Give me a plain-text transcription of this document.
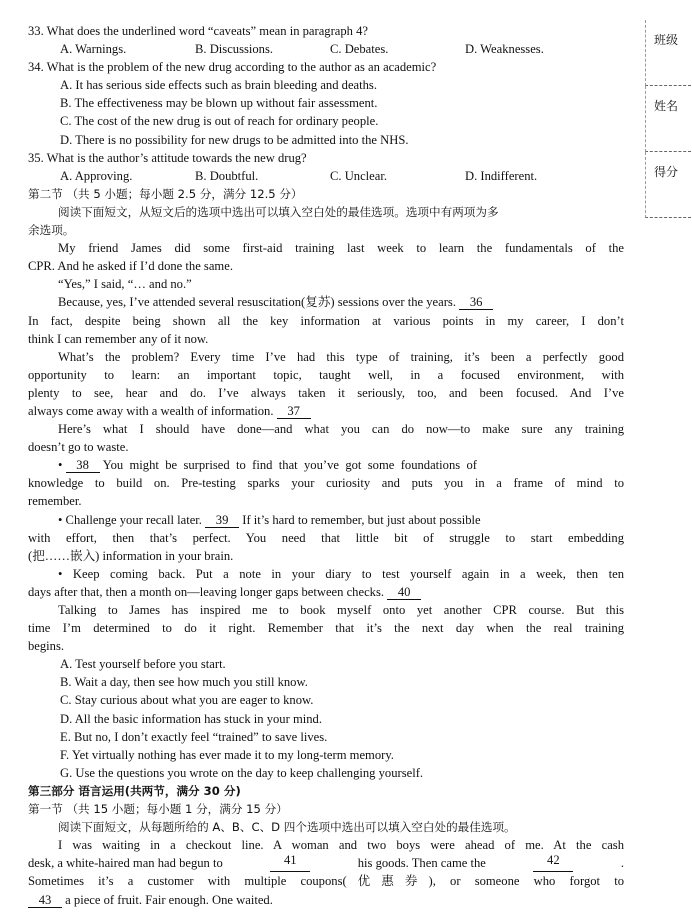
33. What does the underlined word “caveats” mean in paragraph 4?
A. Warnings.	B. Discussions.	C. Debates.	D. Weaknesses.
34. What is the problem of the new drug according to the author as an academic?
A. It has serious side effects such as brain bleeding and deaths.
B. The effectiveness may be blown up without fair assessment.
C. The cost of the new drug is out of reach for ordinary people.
D. There is no possibility for new drugs to be admitted into the NHS.
35. What is the author’s attitude towards the new drug?
A. Approving.	B. Doubtful.	C. Unclear.	D. Indifferent.
第二节 （共 5 小题；每小题 2.5 分，满分 12.5 分）
阅读下面短文，从短文后的选项中选出可以填入空白处的最佳选项。选项中有两项为多
余选项。
My friend James did some first-aid training last week to learn the fundamentals of the
CPR. And he asked if I’d done the same.
“Yes,” I said, “… and no.”
Because, yes, I’ve attended several resuscitation(复苏) sessions over the years. 36
In fact, despite being shown all the key information at various points in my career, I don’t
think I can remember any of it now.
What’s the problem? Every time I’ve had this type of training, it’s been a perfectly good
opportunity to learn: an important topic, taught well, in a focused environment, with
plenty to see, hear and do. I’ve always taken it seriously, too, and been focused. And I’ve
always come away with a wealth of information. 37
Here’s what I should have done—and what you can do now—to make sure any training
doesn’t go to waste.
• 38 You might be surprised to find that you’ve got some foundations of
knowledge to build on. Pre-testing sparks your curiosity and puts you in a frame of mind to
remember.
• Challenge your recall later. 39 If it’s hard to remember, but just about possible
with effort, then that’s perfect. You need that little bit of struggle to start embedding
(把……嵌入) information in your brain.
• Keep coming back. Put a note in your diary to test yourself again in a week, then ten
days after that, then a month on—leaving longer gaps between checks. 40
Talking to James has inspired me to book myself onto yet another CPR course. But this
time I’m determined to do it right. Remember that it’s the next day when the real training
begins.
A. Test yourself before you start.
B. Wait a day, then see how much you still know.
C. Stay curious about what you are eager to know.
D. All the basic information has stuck in your mind.
E. But no, I don’t exactly feel “trained” to save lives.
F. Yet virtually nothing has ever made it to my long-term memory.
G. Use the questions you wrote on the day to keep challenging yourself.
第三部分 语言运用(共两节，满分 30 分)
第一节 （共 15 小题；每小题 1 分，满分 15 分）
阅读下面短文，从每题所给的 A、B、C、D 四个选项中选出可以填入空白处的最佳选项。
I was waiting in a checkout line. A woman and two boys were ahead of me. At the cash
desk, a white-haired man had begun to	41	his goods. Then came the	42	.
Sometimes it’s a customer with multiple coupons(优惠券), or someone who forgot to
43 a piece of fruit. Fair enough. One waited.
班级
姓名
得分
